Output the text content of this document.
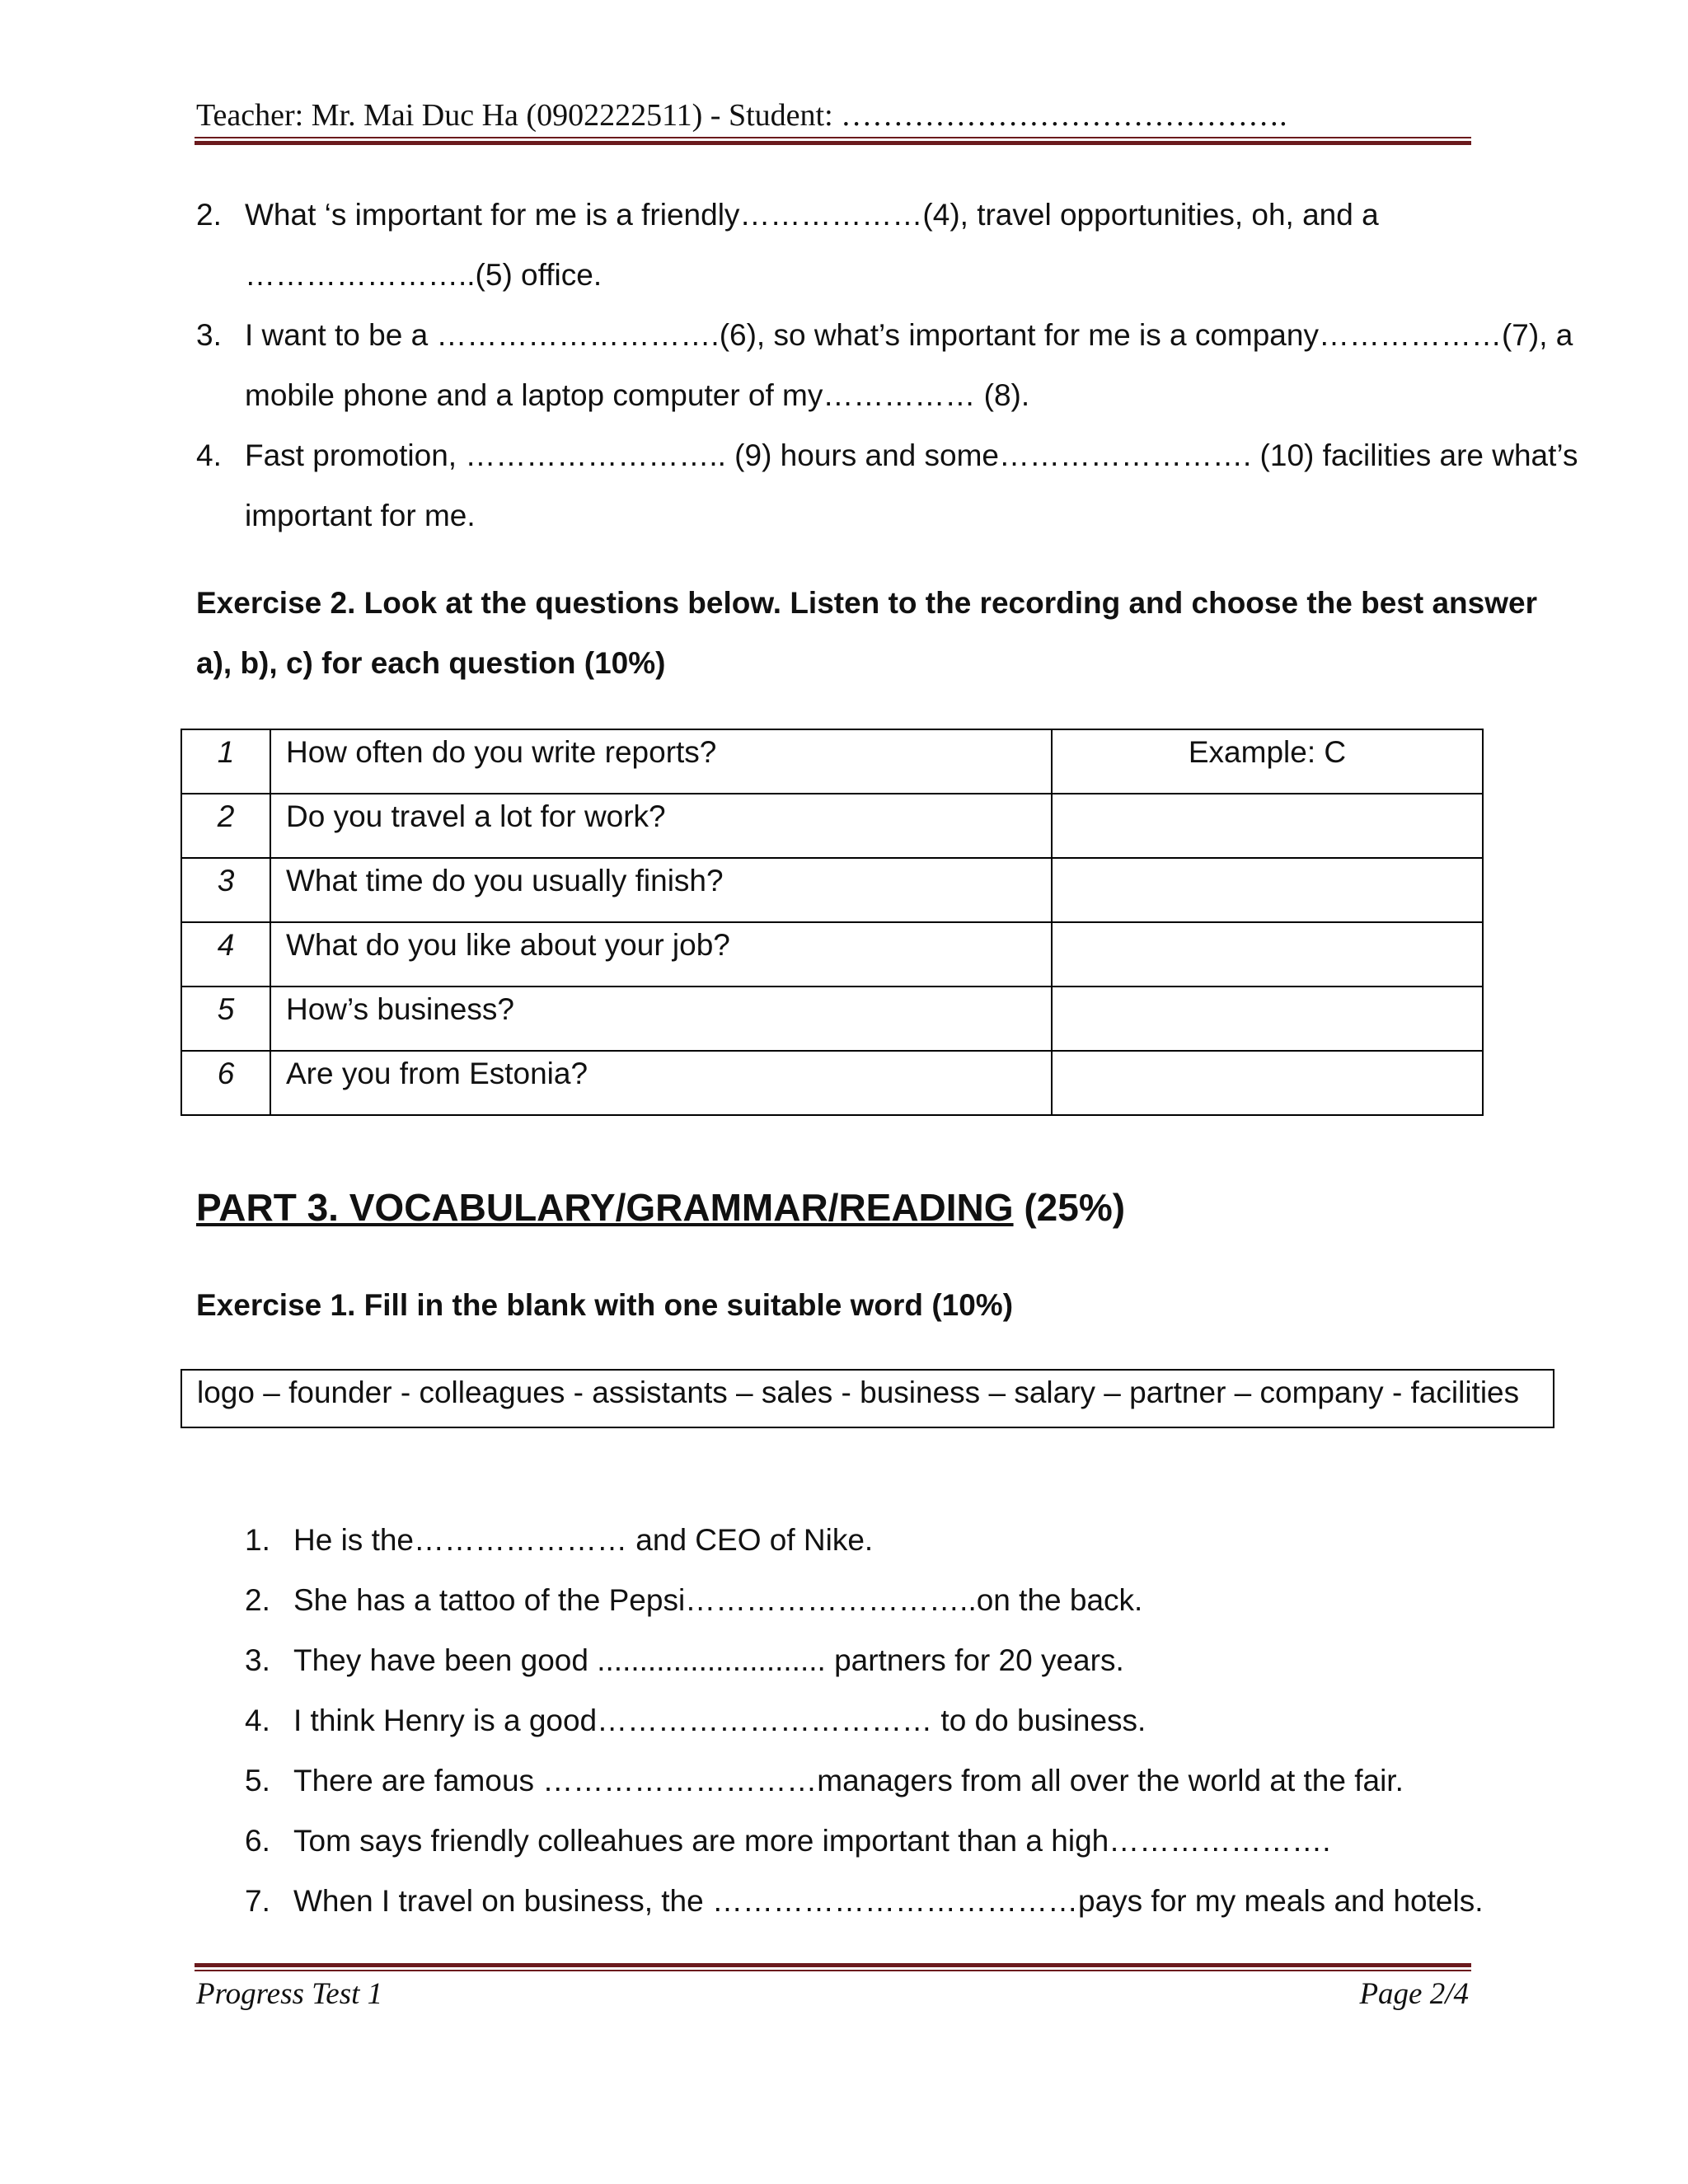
Teacher: Mr. Mai Duc Ha (0902222511) - Student: …………………………………….
2. What ‘s important for me is a friendly………………(4), travel opportunities, oh, and a
…………………..(5) office.
3. I want to be a ……………………….(6), so what’s important for me is a company………………(7), a
mobile phone and a laptop computer of my…………… (8).
4. Fast promotion, …………………….. (9) hours and some……………………. (10) facilities are what’s
important for me.
Exercise 2. Look at the questions below. Listen to the recording and choose the best answer
a), b), c) for each question (10%)
1	How often do you write reports?	Example: C
2	Do you travel a lot for work?	
3	What time do you usually finish?	
4	What do you like about your job?	
5	How’s business?	
6	Are you from Estonia?	
PART 3. VOCABULARY/GRAMMAR/READING (25%)
Exercise 1. Fill in the blank with one suitable word (10%)
logo – founder - colleagues - assistants – sales - business – salary – partner – company - facilities
1. He is the………………… and CEO of Nike.
2. She has a tattoo of the Pepsi………………………..on the back.
3. They have been good ........................... partners for 20 years.
4. I think Henry is a good…………………………… to do business.
5. There are famous ………………………managers from all over the world at the fair.
6. Tom says friendly colleahues are more important than a high………………….
7. When I travel on business, the ………………………………pays for my meals and hotels.
Progress Test 1	Page 2/4
